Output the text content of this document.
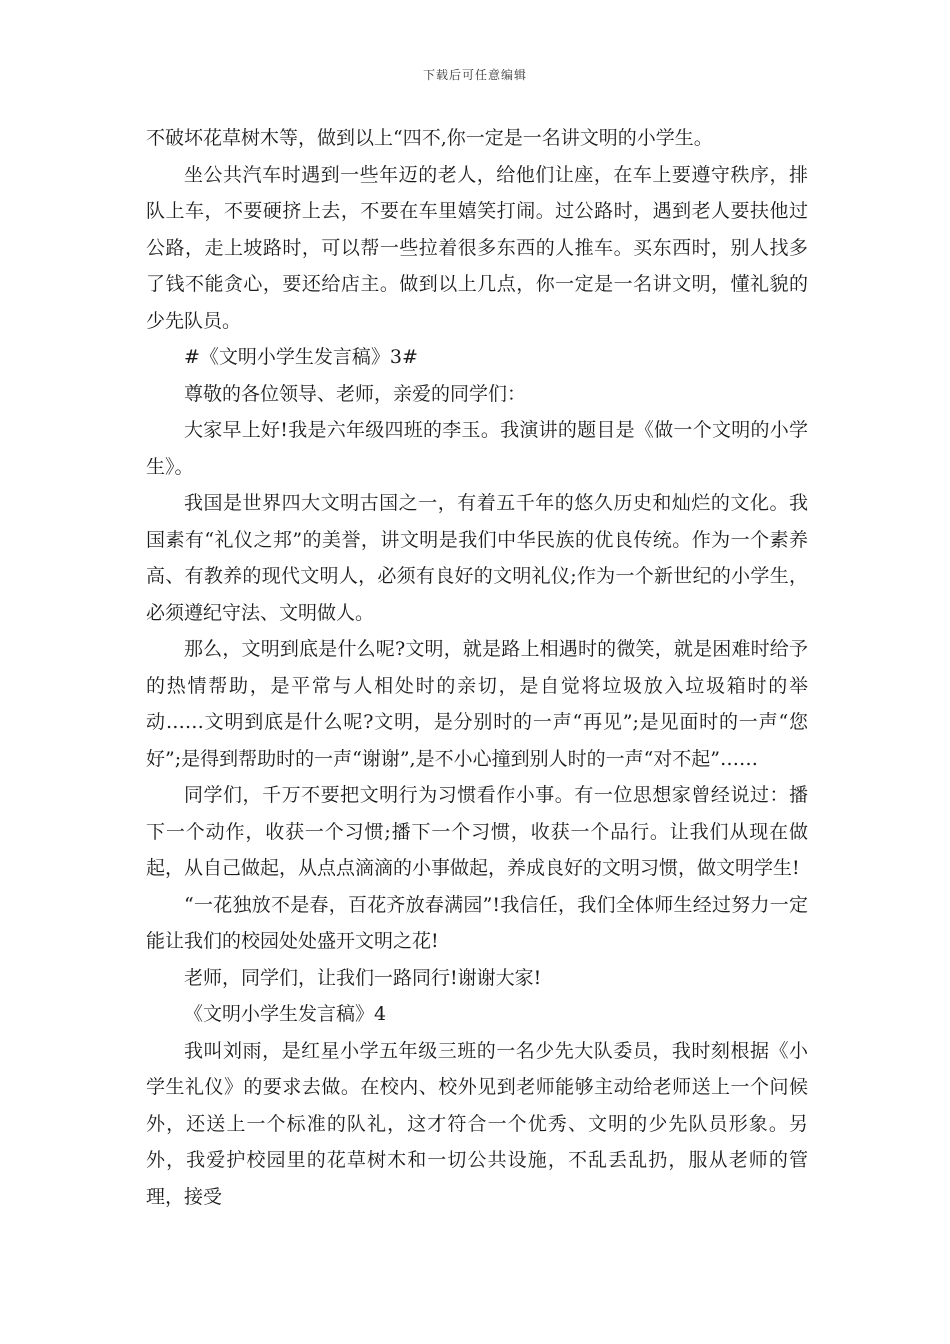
下载后可任意编辑

不破坏花草树木等，做到以上“四不,你一定是一名讲文明的小学生。

坐公共汽车时遇到一些年迈的老人，给他们让座，在车上要遵守秩序，排队上车，不要硬挤上去，不要在车里嬉笑打闹。过公路时，遇到老人要扶他过公路，走上坡路时，可以帮一些拉着很多东西的人推车。买东西时，别人找多了钱不能贪心，要还给店主。做到以上几点，你一定是一名讲文明，懂礼貌的少先队员。

#《文明小学生发言稿》3#

尊敬的各位领导、老师，亲爱的同学们：

大家早上好!我是六年级四班的李玉。我演讲的题目是《做一个文明的小学生》。

我国是世界四大文明古国之一，有着五千年的悠久历史和灿烂的文化。我国素有“礼仪之邦”的美誉，讲文明是我们中华民族的优良传统。作为一个素养高、有教养的现代文明人，必须有良好的文明礼仪;作为一个新世纪的小学生，必须遵纪守法、文明做人。

那么，文明到底是什么呢?文明，就是路上相遇时的微笑，就是困难时给予的热情帮助，是平常与人相处时的亲切，是自觉将垃圾放入垃圾箱时的举动……文明到底是什么呢?文明，是分别时的一声“再见”;是见面时的一声“您好”;是得到帮助时的一声“谢谢”,是不小心撞到别人时的一声“对不起”……

同学们，千万不要把文明行为习惯看作小事。有一位思想家曾经说过：播下一个动作，收获一个习惯;播下一个习惯，收获一个品行。让我们从现在做起，从自己做起，从点点滴滴的小事做起，养成良好的文明习惯，做文明学生!

“一花独放不是春，百花齐放春满园”!我信任，我们全体师生经过努力一定能让我们的校园处处盛开文明之花!

老师，同学们，让我们一路同行!谢谢大家!

《文明小学生发言稿》4

我叫刘雨，是红星小学五年级三班的一名少先大队委员，我时刻根据《小学生礼仪》的要求去做。在校内、校外见到老师能够主动给老师送上一个问候外，还送上一个标准的队礼，这才符合一个优秀、文明的少先队员形象。另外，我爱护校园里的花草树木和一切公共设施，不乱丢乱扔，服从老师的管理，接受
